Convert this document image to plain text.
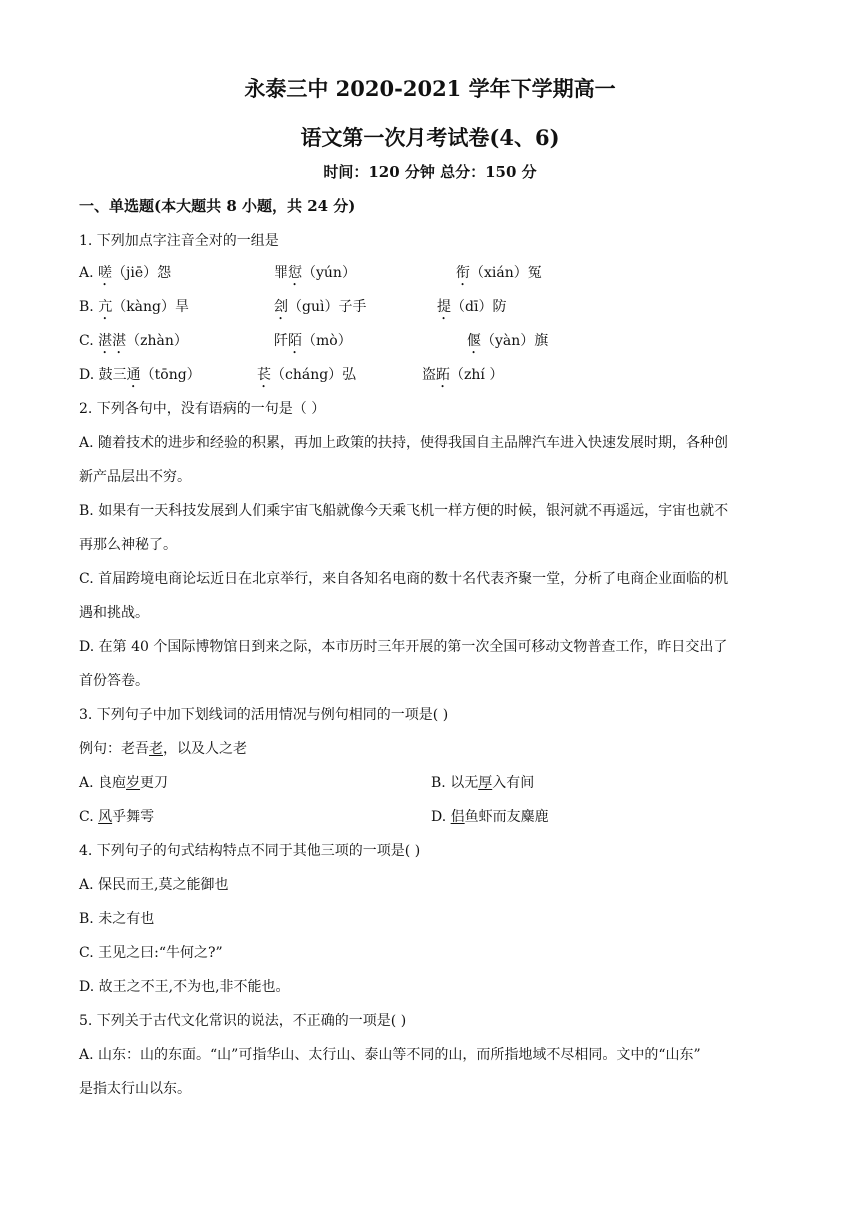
永泰三中 2020-2021 学年下学期高一
语文第一次月考试卷(4、6)
时间：120 分钟 总分：150 分
一、单选题(本大题共 8 小题，共 24 分)
1. 下列加点字注音全对的一组是
A. 嗟（jiē）怨	罪愆（yún）	衔（xián）冤
B. 亢（kàng）旱	刽（guì）子手	提（dī）防
C. 湛湛（zhàn）	阡陌（mò）	偃（yàn）旗
D. 鼓三通（tōng）	苌（cháng）弘	盗跖（zhí ）
2. 下列各句中，没有语病的一句是（ ）
A. 随着技术的进步和经验的积累，再加上政策的扶持，使得我国自主品牌汽车进入快速发展时期，各种创
新产品层出不穷。
B. 如果有一天科技发展到人们乘宇宙飞船就像今天乘飞机一样方便的时候，银河就不再遥远，宇宙也就不
再那么神秘了。
C. 首届跨境电商论坛近日在北京举行，来自各知名电商的数十名代表齐聚一堂，分析了电商企业面临的机
遇和挑战。
D. 在第 40 个国际博物馆日到来之际，本市历时三年开展的第一次全国可移动文物普查工作，昨日交出了
首份答卷。
3. 下列句子中加下划线词的活用情况与例句相同的一项是( )
例句：老吾老，以及人之老
A. 良庖岁更刀	B. 以无厚入有间
C. 风乎舞雩	D. 侣鱼虾而友麋鹿
4. 下列句子的句式结构特点不同于其他三项的一项是( )
A. 保民而王,莫之能御也
B. 未之有也
C. 王见之曰:“牛何之?”
D. 故王之不王,不为也,非不能也。
5. 下列关于古代文化常识的说法，不正确的一项是( )
A. 山东：山的东面。“山”可指华山、太行山、泰山等不同的山，而所指地域不尽相同。文中的“山东”
是指太行山以东。
